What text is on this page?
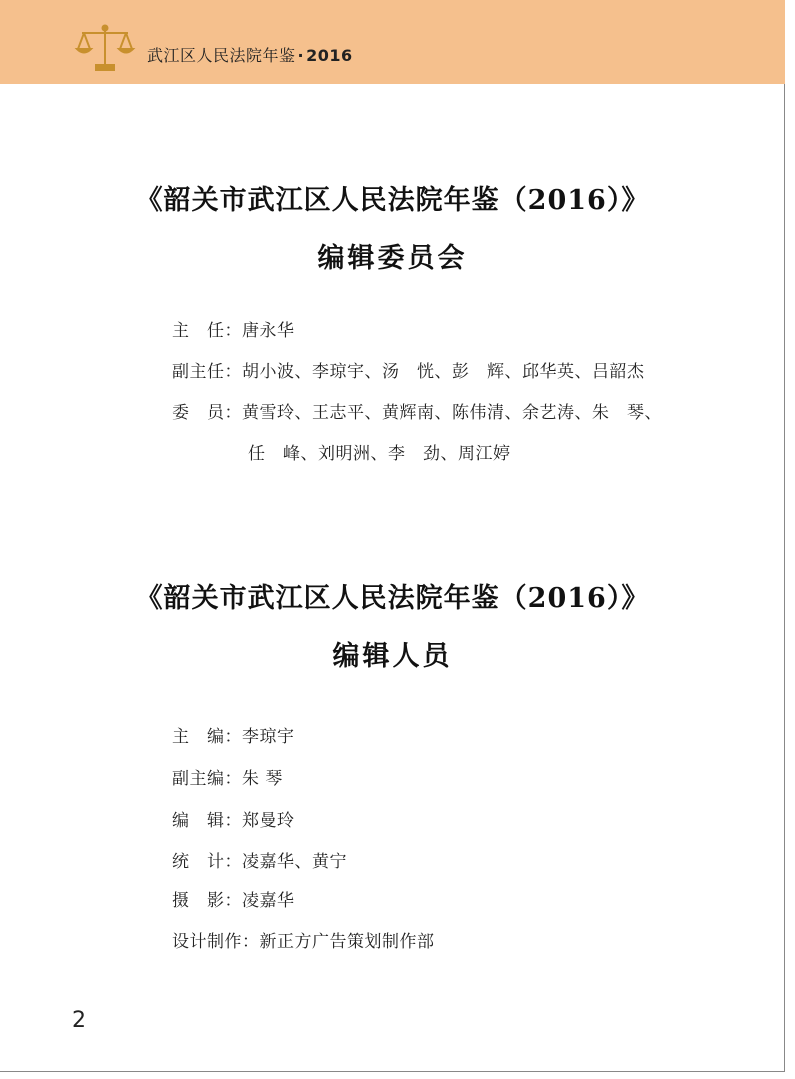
武江区人民法院年鉴 · 2016
《韶关市武江区人民法院年鉴（2016）》
编辑委员会
主　任：唐永华
副主任：胡小波、李琼宇、汤　恍、彭　辉、邱华英、吕韶杰
委　员：黄雪玲、王志平、黄辉南、陈伟清、余艺涛、朱　琴、
任　峰、刘明洲、李　劲、周江婷
《韶关市武江区人民法院年鉴（2016）》
编辑人员
主　编：李琼宇
副主编：朱 琴
编　辑：郑曼玲
统　计：凌嘉华、黄宁
摄　影：凌嘉华
设计制作：新正方广告策划制作部
2
